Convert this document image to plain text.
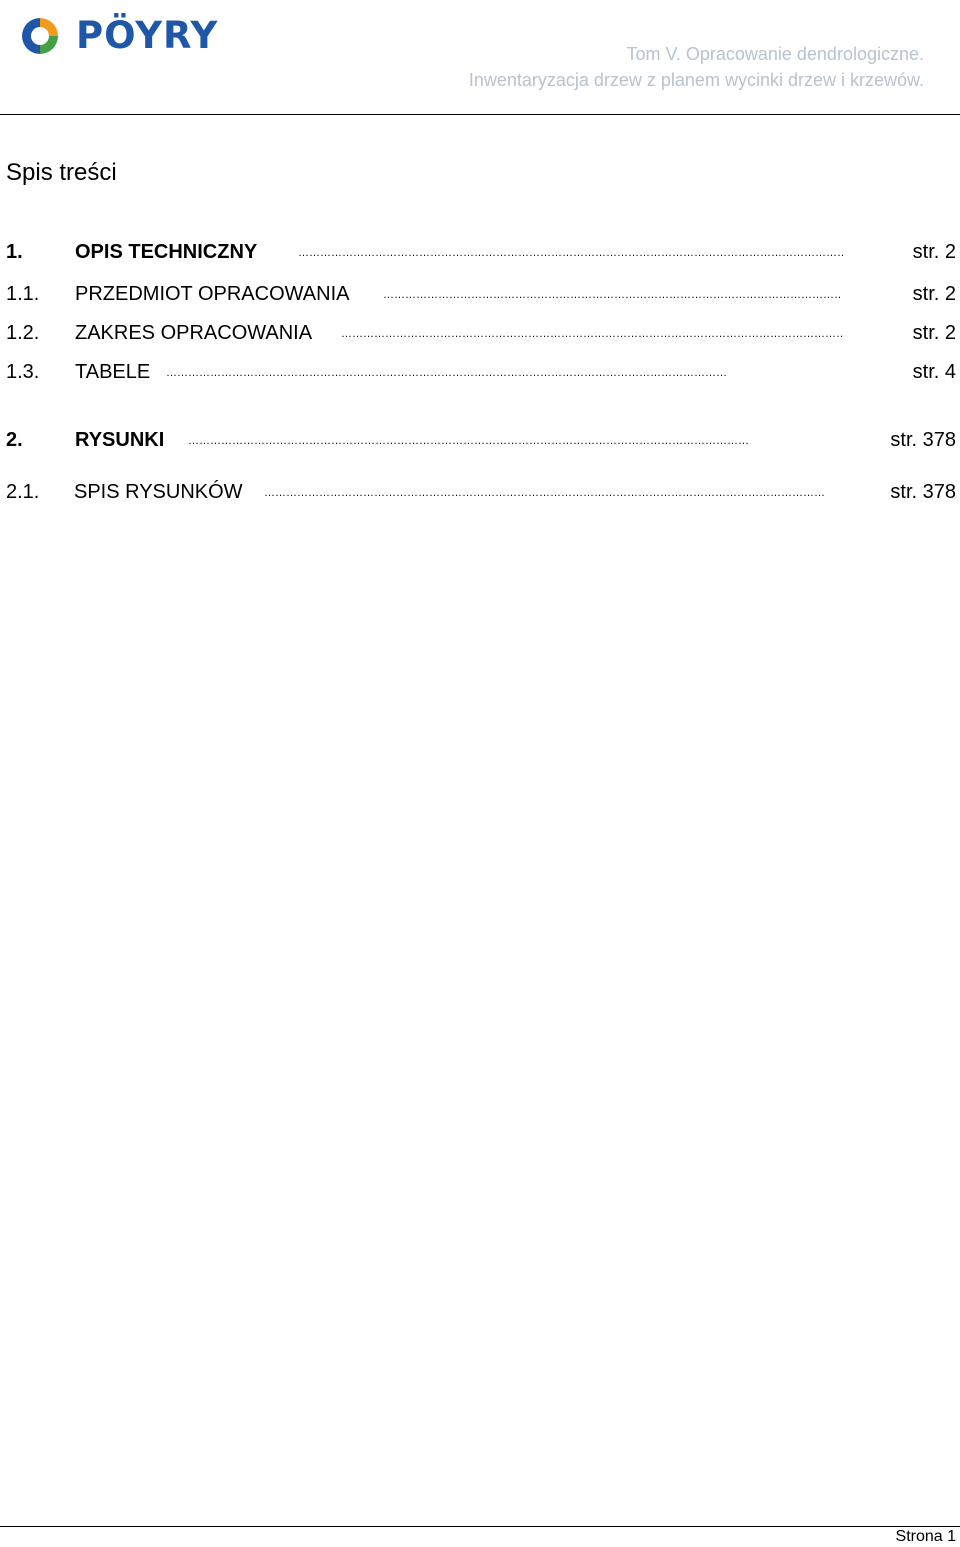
PÖYRY	Tom V. Opracowanie dendrologiczne.
Inwentaryzacja drzew z planem wycinki drzew i krzewów.
Spis treści
1.	OPIS TECHNICZNY ………………………………………………………………………………………………………………………………………	str. 2
1.1. PRZEDMIOT OPRACOWANIA ………………………………………………………………………………………………………………………………………	str. 2
1.2. ZAKRES OPRACOWANIA ………………………………………………………………………………………………………………………………………	str. 2
1.3. TABELE ………………………………………………………………………………………………………………………………………	str. 4
2.	RYSUNKI ………………………………………………………………………………………………………………………………………	str. 378
2.1. SPIS RYSUNKÓW ………………………………………………………………………………………………………………………………………	str. 378
Strona 1
